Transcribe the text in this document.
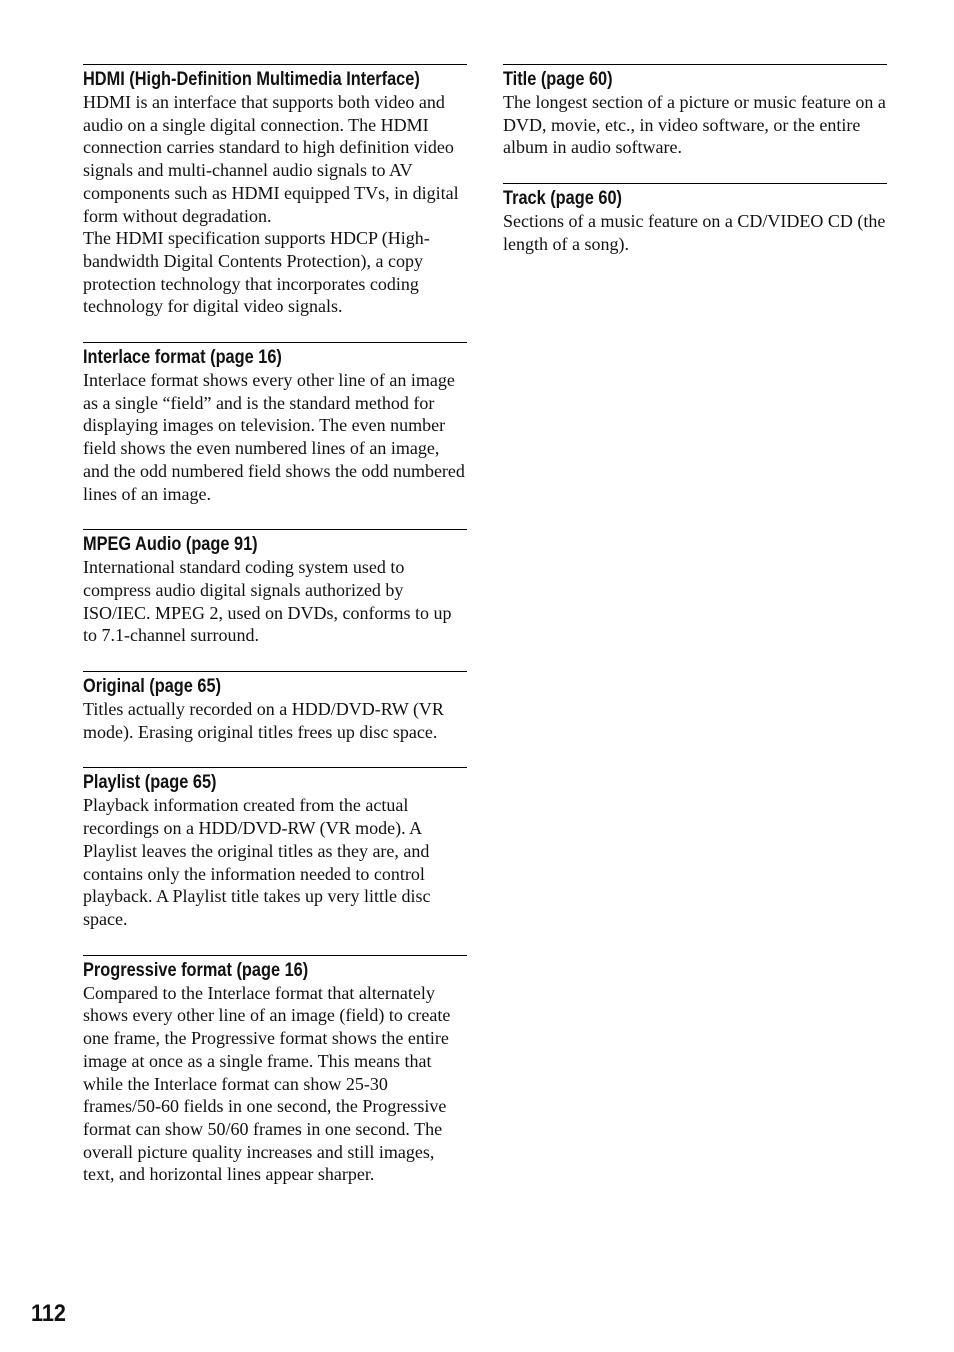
HDMI (High-Definition Multimedia Interface)

HDMI is an interface that supports both video and audio on a single digital connection. The HDMI connection carries standard to high definition video signals and multi-channel audio signals to AV components such as HDMI equipped TVs, in digital form without degradation.

The HDMI specification supports HDCP (High-bandwidth Digital Contents Protection), a copy protection technology that incorporates coding technology for digital video signals.

Interlace format (page 16)

Interlace format shows every other line of an image as a single “field” and is the standard method for displaying images on television. The even number field shows the even numbered lines of an image, and the odd numbered field shows the odd numbered lines of an image.

MPEG Audio (page 91)

International standard coding system used to compress audio digital signals authorized by ISO/IEC. MPEG 2, used on DVDs, conforms to up to 7.1-channel surround.

Original (page 65)

Titles actually recorded on a HDD/DVD-RW (VR mode). Erasing original titles frees up disc space.

Playlist (page 65)

Playback information created from the actual recordings on a HDD/DVD-RW (VR mode). A Playlist leaves the original titles as they are, and contains only the information needed to control playback. A Playlist title takes up very little disc space.

Progressive format (page 16)

Compared to the Interlace format that alternately shows every other line of an image (field) to create one frame, the Progressive format shows the entire image at once as a single frame. This means that while the Interlace format can show 25-30 frames/50-60 fields in one second, the Progressive format can show 50/60 frames in one second. The overall picture quality increases and still images, text, and horizontal lines appear sharper.

Title (page 60)

The longest section of a picture or music feature on a DVD, movie, etc., in video software, or the entire album in audio software.

Track (page 60)

Sections of a music feature on a CD/VIDEO CD (the length of a song).

112
